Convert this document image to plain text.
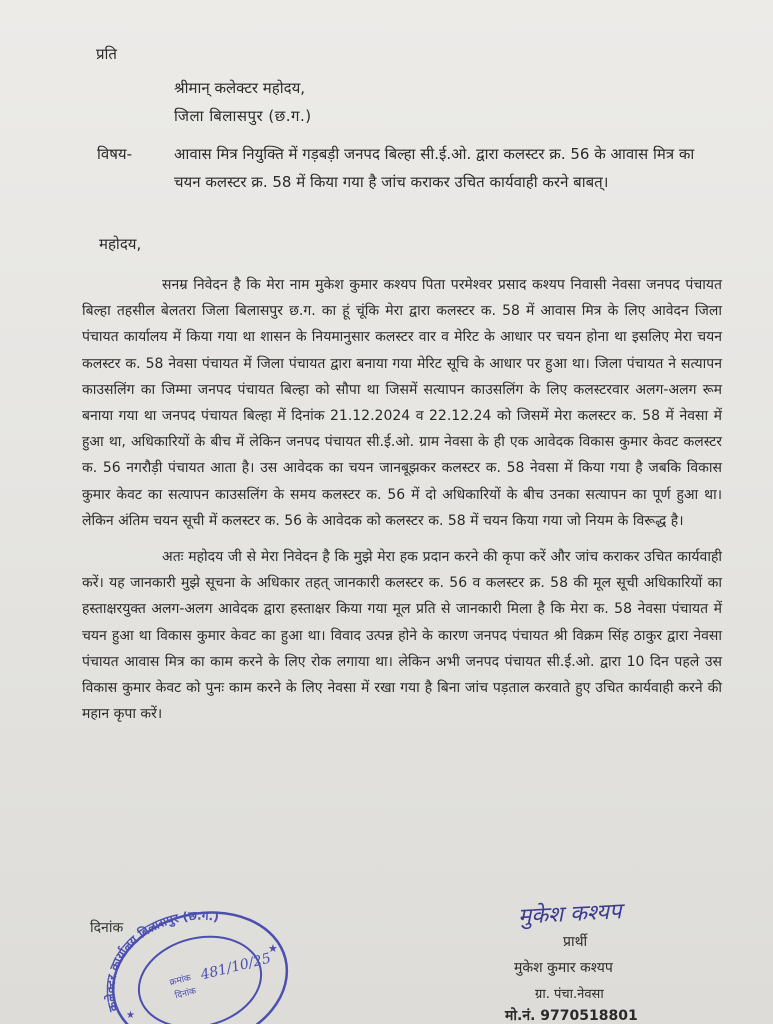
प्रति
श्रीमान् कलेक्टर महोदय,
जिला बिलासपुर (छ.ग.)
विषय-	आवास मित्र नियुक्ति में गड़बड़ी जनपद बिल्हा सी.ई.ओ. द्वारा कलस्टर क्र. 56 के आवास मित्र का चयन कलस्टर क्र. 58 में किया गया है जांच कराकर उचित कार्यवाही करने बाबत्।
महोदय,

सनम्र निवेदन है कि मेरा नाम मुकेश कुमार कश्यप पिता परमेश्वर प्रसाद कश्यप निवासी नेवसा जनपद पंचायत बिल्हा तहसील बेलतरा जिला बिलासपुर छ.ग. का हूं चूंकि मेरा द्वारा कलस्टर क. 58 में आवास मित्र के लिए आवेदन जिला पंचायत कार्यालय में किया गया था शासन के नियमानुसार कलस्टर वार व मेरिट के आधार पर चयन होना था इसलिए मेरा चयन कलस्टर क. 58 नेवसा पंचायत में जिला पंचायत द्वारा बनाया गया मेरिट सूचि के आधार पर हुआ था। जिला पंचायत ने सत्यापन काउसलिंग का जिम्मा जनपद पंचायत बिल्हा को सौपा था जिसमें सत्यापन काउसलिंग के लिए कलस्टरवार अलग-अलग रूम बनाया गया था जनपद पंचायत बिल्हा में दिनांक 21.12.2024 व 22.12.24 को जिसमें मेरा कलस्टर क. 58 में नेवसा में हुआ था, अधिकारियों के बीच में लेकिन जनपद पंचायत सी.ई.ओ. ग्राम नेवसा के ही एक आवेदक विकास कुमार केवट कलस्टर क. 56 नगरौड़ी पंचायत आता है। उस आवेदक का चयन जानबूझकर कलस्टर क. 58 नेवसा में किया गया है जबकि विकास कुमार केवट का सत्यापन काउसलिंग के समय कलस्टर क. 56 में दो अधिकारियों के बीच उनका सत्यापन का पूर्ण हुआ था। लेकिन अंतिम चयन सूची में कलस्टर क. 56 के आवेदक को कलस्टर क. 58 में चयन किया गया जो नियम के विरूद्ध है।

अतः महोदय जी से मेरा निवेदन है कि मुझे मेरा हक प्रदान करने की कृपा करें और जांच कराकर उचित कार्यवाही करें। यह जानकारी मुझे सूचना के अधिकार तहत् जानकारी कलस्टर क. 56 व कलस्टर क्र. 58 की मूल सूची अधिकारियों का हस्ताक्षरयुक्त अलग-अलग आवेदक द्वारा हस्ताक्षर किया गया मूल प्रति से जानकारी मिला है कि मेरा क. 58 नेवसा पंचायत में चयन हुआ था विकास कुमार केवट का हुआ था। विवाद उत्पन्न होने के कारण जनपद पंचायत श्री विक्रम सिंह ठाकुर द्वारा नेवसा पंचायत आवास मित्र का काम करने के लिए रोक लगाया था। लेकिन अभी जनपद पंचायत सी.ई.ओ. द्वारा 10 दिन पहले उस विकास कुमार केवट को पुनः काम करने के लिए नेवसा में रखा गया है बिना जांच पड़ताल करवाते हुए उचित कार्यवाही करने की महान कृपा करें।

दिनांक
कलेक्टर कार्यालय बिलासपुर (छ.ग.)
क्रमांक 481/10/25
दिनांक
★
★
मुकेश कश्यप
प्रार्थी
मुकेश कुमार कश्यप
ग्रा. पंचा.नेवसा
मो.नं. 9770518801
